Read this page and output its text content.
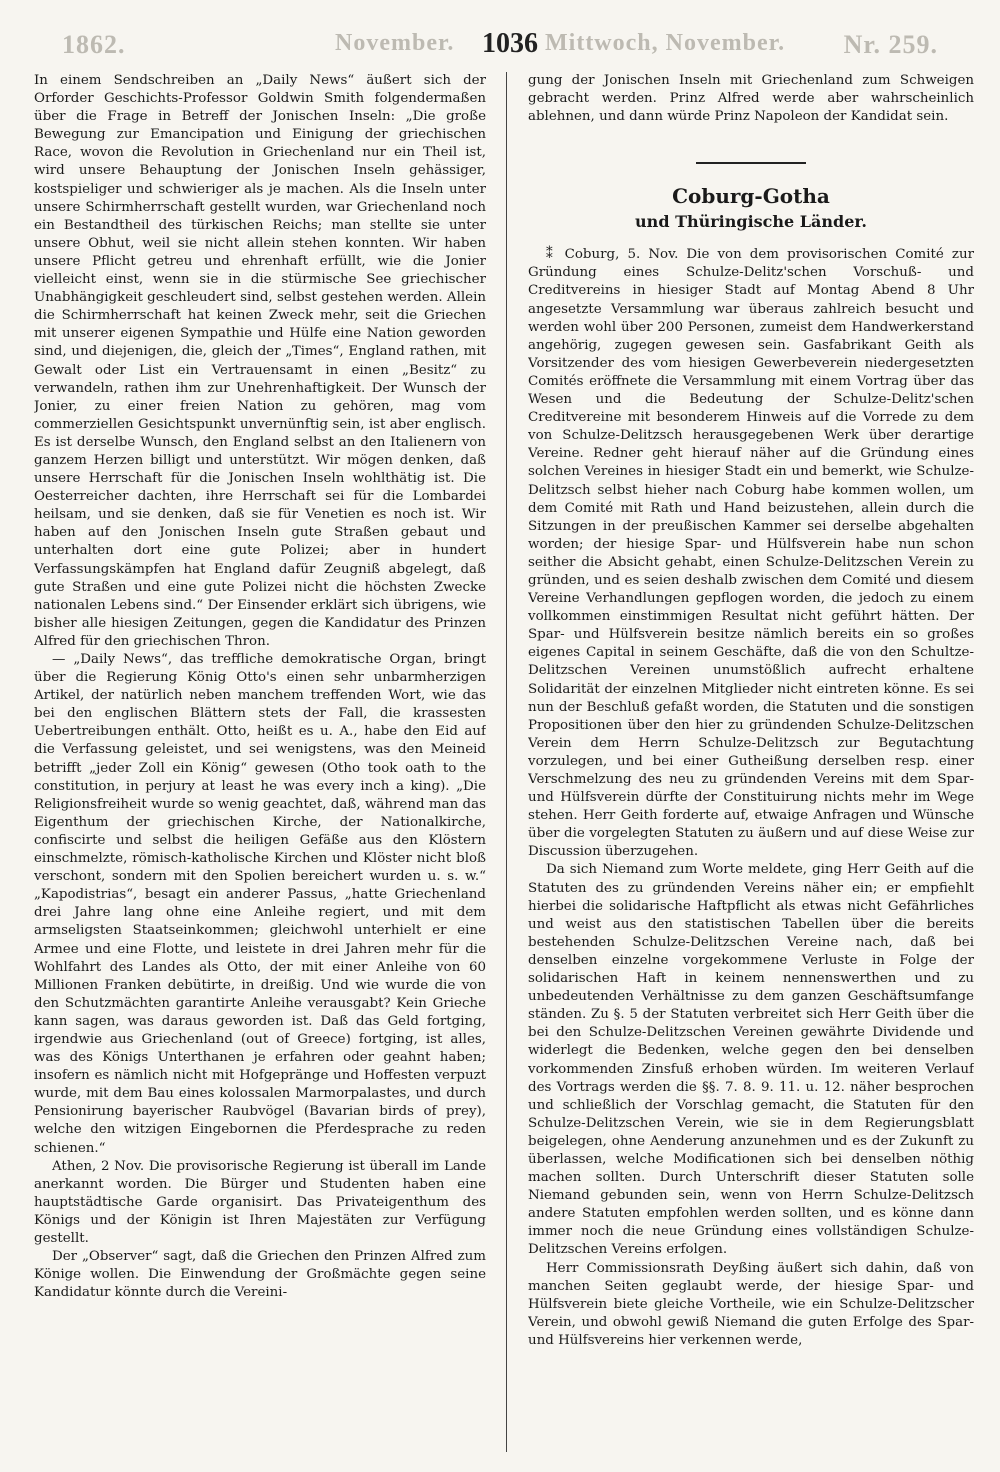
1862.	November. 1036 Mittwoch, November. Nr. 259.

In einem Sendschreiben an „Daily News“ äußert sich der Orforder Geschichts-Professor Goldwin Smith folgendermaßen über die Frage in Betreff der Jonischen Inseln: „Die große Bewegung zur Emancipation und Einigung der griechischen Race, wovon die Revolution in Griechenland nur ein Theil ist, wird unsere Behauptung der Jonischen Inseln gehässiger, kostspieliger und schwieriger als je machen. Als die Inseln unter unsere Schirmherrschaft gestellt wurden, war Griechenland noch ein Bestandtheil des türkischen Reichs; man stellte sie unter unsere Obhut, weil sie nicht allein stehen konnten. Wir haben unsere Pflicht getreu und ehrenhaft erfüllt, wie die Jonier vielleicht einst, wenn sie in die stürmische See griechischer Unabhängigkeit geschleudert sind, selbst gestehen werden. Allein die Schirmherrschaft hat keinen Zweck mehr, seit die Griechen mit unserer eigenen Sympathie und Hülfe eine Nation geworden sind, und diejenigen, die, gleich der „Times“, England rathen, mit Gewalt oder List ein Vertrauensamt in einen „Besitz“ zu verwandeln, rathen ihm zur Unehrenhaftigkeit. Der Wunsch der Jonier, zu einer freien Nation zu gehören, mag vom commerziellen Gesichtspunkt unvernünftig sein, ist aber englisch. Es ist derselbe Wunsch, den England selbst an den Italienern von ganzem Herzen billigt und unterstützt. Wir mögen denken, daß unsere Herrschaft für die Jonischen Inseln wohlthätig ist. Die Oesterreicher dachten, ihre Herrschaft sei für die Lombardei heilsam, und sie denken, daß sie für Venetien es noch ist. Wir haben auf den Jonischen Inseln gute Straßen gebaut und unterhalten dort eine gute Polizei; aber in hundert Verfassungskämpfen hat England dafür Zeugniß abgelegt, daß gute Straßen und eine gute Polizei nicht die höchsten Zwecke nationalen Lebens sind.“ Der Einsender erklärt sich übrigens, wie bisher alle hiesigen Zeitungen, gegen die Kandidatur des Prinzen Alfred für den griechischen Thron.

— „Daily News“, das treffliche demokratische Organ, bringt über die Regierung König Otto's einen sehr unbarmherzigen Artikel, der natürlich neben manchem treffenden Wort, wie das bei den englischen Blättern stets der Fall, die krassesten Uebertreibungen enthält. Otto, heißt es u. A., habe den Eid auf die Verfassung geleistet, und sei wenigstens, was den Meineid betrifft „jeder Zoll ein König“ gewesen (Otho took oath to the constitution, in perjury at least he was every inch a king). „Die Religionsfreiheit wurde so wenig geachtet, daß, während man das Eigenthum der griechischen Kirche, der Nationalkirche, confiscirte und selbst die heiligen Gefäße aus den Klöstern einschmelzte, römisch-katholische Kirchen und Klöster nicht bloß verschont, sondern mit den Spolien bereichert wurden u. s. w.“ „Kapodistrias“, besagt ein anderer Passus, „hatte Griechenland drei Jahre lang ohne eine Anleihe regiert, und mit dem armseligsten Staatseinkommen; gleichwohl unterhielt er eine Armee und eine Flotte, und leistete in drei Jahren mehr für die Wohlfahrt des Landes als Otto, der mit einer Anleihe von 60 Millionen Franken debütirte, in dreißig. Und wie wurde die von den Schutzmächten garantirte Anleihe verausgabt? Kein Grieche kann sagen, was daraus geworden ist. Daß das Geld fortging, irgendwie aus Griechenland (out of Greece) fortging, ist alles, was des Königs Unterthanen je erfahren oder geahnt haben; insofern es nämlich nicht mit Hofgepränge und Hoffesten verpuzt wurde, mit dem Bau eines kolossalen Marmorpalastes, und durch Pensionirung bayerischer Raubvögel (Bavarian birds of prey), welche den witzigen Eingebornen die Pferdesprache zu reden schienen.“

Athen, 2 Nov. Die provisorische Regierung ist überall im Lande anerkannt worden. Die Bürger und Studenten haben eine hauptstädtische Garde organisirt. Das Privateigenthum des Königs und der Königin ist Ihren Majestäten zur Verfügung gestellt.

Der „Observer“ sagt, daß die Griechen den Prinzen Alfred zum Könige wollen. Die Einwendung der Großmächte gegen seine Kandidatur könnte durch die Vereini-

gung der Jonischen Inseln mit Griechenland zum Schweigen gebracht werden. Prinz Alfred werde aber wahrscheinlich ablehnen, und dann würde Prinz Napoleon der Kandidat sein.

Coburg-Gotha
und Thüringische Länder.

⁑ Coburg, 5. Nov. Die von dem provisorischen Comité zur Gründung eines Schulze-Delitz'schen Vorschuß- und Creditvereins in hiesiger Stadt auf Montag Abend 8 Uhr angesetzte Versammlung war überaus zahlreich besucht und werden wohl über 200 Personen, zumeist dem Handwerkerstand angehörig, zugegen gewesen sein. Gasfabrikant Geith als Vorsitzender des vom hiesigen Gewerbeverein niedergesetzten Comités eröffnete die Versammlung mit einem Vortrag über das Wesen und die Bedeutung der Schulze-Delitz'schen Creditvereine mit besonderem Hinweis auf die Vorrede zu dem von Schulze-Delitzsch herausgegebenen Werk über derartige Vereine. Redner geht hierauf näher auf die Gründung eines solchen Vereines in hiesiger Stadt ein und bemerkt, wie Schulze-Delitzsch selbst hieher nach Coburg habe kommen wollen, um dem Comité mit Rath und Hand beizustehen, allein durch die Sitzungen in der preußischen Kammer sei derselbe abgehalten worden; der hiesige Spar- und Hülfsverein habe nun schon seither die Absicht gehabt, einen Schulze-Delitzschen Verein zu gründen, und es seien deshalb zwischen dem Comité und diesem Vereine Verhandlungen gepflogen worden, die jedoch zu einem vollkommen einstimmigen Resultat nicht geführt hätten. Der Spar- und Hülfsverein besitze nämlich bereits ein so großes eigenes Capital in seinem Geschäfte, daß die von den Schultze-Delitzschen Vereinen unumstößlich aufrecht erhaltene Solidarität der einzelnen Mitglieder nicht eintreten könne. Es sei nun der Beschluß gefaßt worden, die Statuten und die sonstigen Propositionen über den hier zu gründenden Schulze-Delitzschen Verein dem Herrn Schulze-Delitzsch zur Begutachtung vorzulegen, und bei einer Gutheißung derselben resp. einer Verschmelzung des neu zu gründenden Vereins mit dem Spar- und Hülfsverein dürfte der Constituirung nichts mehr im Wege stehen. Herr Geith forderte auf, etwaige Anfragen und Wünsche über die vorgelegten Statuten zu äußern und auf diese Weise zur Discussion überzugehen.

Da sich Niemand zum Worte meldete, ging Herr Geith auf die Statuten des zu gründenden Vereins näher ein; er empfiehlt hierbei die solidarische Haftpflicht als etwas nicht Gefährliches und weist aus den statistischen Tabellen über die bereits bestehenden Schulze-Delitzschen Vereine nach, daß bei denselben einzelne vorgekommene Verluste in Folge der solidarischen Haft in keinem nennenswerthen und zu unbedeutenden Verhältnisse zu dem ganzen Geschäftsumfange ständen. Zu §. 5 der Statuten verbreitet sich Herr Geith über die bei den Schulze-Delitzschen Vereinen gewährte Dividende und widerlegt die Bedenken, welche gegen den bei denselben vorkommenden Zinsfuß erhoben würden. Im weiteren Verlauf des Vortrags werden die §§. 7. 8. 9. 11. u. 12. näher besprochen und schließlich der Vorschlag gemacht, die Statuten für den Schulze-Delitzschen Verein, wie sie in dem Regierungsblatt beigelegen, ohne Aenderung anzunehmen und es der Zukunft zu überlassen, welche Modificationen sich bei denselben nöthig machen sollten. Durch Unterschrift dieser Statuten solle Niemand gebunden sein, wenn von Herrn Schulze-Delitzsch andere Statuten empfohlen werden sollten, und es könne dann immer noch die neue Gründung eines vollständigen Schulze-Delitzschen Vereins erfolgen.

Herr Commissionsrath Deyßing äußert sich dahin, daß von manchen Seiten geglaubt werde, der hiesige Spar- und Hülfsverein biete gleiche Vortheile, wie ein Schulze-Delitzscher Verein, und obwohl gewiß Niemand die guten Erfolge des Spar- und Hülfsvereins hier verkennen werde,
